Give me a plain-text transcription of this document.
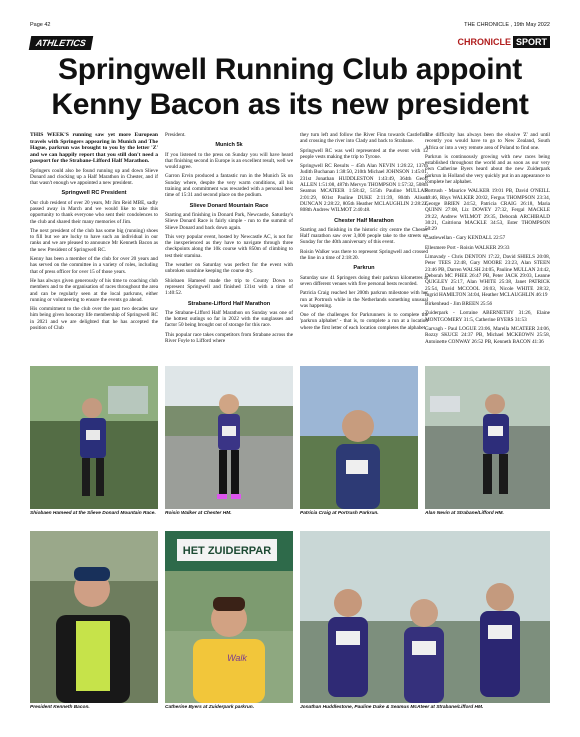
Page 42	THE CHRONICLE , 19th May 2022
ATHLETICS	CHRONICLE SPORT
Springwell Running Club appoint
Kenny Bacon as its new president

THIS WEEK'S running saw yet more European travels with Springers appearing in Munich and The Hague, parkrun was brought to you by the letter 'Z' and we can happily report that you still don't need a passport for the Strabane-Lifford Half Marathon.

Springers could also be found running up and down Slieve Donard and clocking up a Half Marathon in Chester, and if that wasn't enough we appointed a new president.

Springwell RC President

Our club resident of over 20 years, Mr Jim Reid MBE, sadly passed away in March and we would like to take this opportunity to thank everyone who sent their condolences to the club and shared their many memories of Jim.

The next president of the club has some big (running) shoes to fill but we are lucky to have such an individual in our ranks and we are pleased to announce Mr Kenneth Bacon as the new President of Springwell RC.

Kenny has been a member of the club for over 20 years and has served on the committee in a variety of roles, including that of press officer for over 15 of those years.

He has always given generously of his time to coaching club members and to the organisation of races throughout the area and can be regularly seen at the local parkruns, either running or volunteering to ensure the events go ahead.

His commitment to the club over the past two decades saw him being given honorary life membership of Springwell RC in 2021 and we are delighted that he has accepted the position of Club

President.

Munich 5k

If you listened to the press on Sunday you will have heard that finishing second in Europe is an excellent result, well we would agree.

Garron Ervin produced a fantastic run in the Munich 5k on Sunday where, despite the very warm conditions, all his training and commitment was rewarded with a personal best time of 15:31 and second place on the podium.

Slieve Donard Mountain Race

Starting and finishing in Donard Park, Newcastle, Saturday's Slieve Donard Race is fairly simple - run to the summit of Slieve Donard and back down again.

This very popular event, hosted by Newcastle AC, is not for the inexperienced as they have to navigate through three checkpoints along the 10k course with 850m of climbing to test their stamina.

The weather on Saturday was perfect for the event with unbroken sunshine keeping the course dry.

Shiobaen Hameed made the trip to County Down to represent Springwell and finished 131st with a time of 1:40:52.

Strabane-Lifford Half Marathon

The Strabane-Lifford Half Marathon on Sunday was one of the hottest outings so far in 2022 with the sunglasses and factor 50 being brought out of storage for this race.

This popular race takes competitors from Strabane across the River Foyle to Lifford where

they turn left and follow the River Finn towards Castlefinn and crossing the river into Clady and back to Strabane.

Springwell RC was well represented at the event with 12 people vests making the trip to Tyrone.

Springwell RC Results – 45th Alan NEVIN 1:26:22, 137th Judith Buchanan 1:38:50, 210th Michael JOHNSON 1:45:01, 231st Jonathan HUDDLESTON 1:43:49, 364th Geoff ALLEN 1:51:08, 487th Mervyn THOMPSON 1:57:32, 508th Seamus MCATEER 1:58:42, 515th Pauline MULLAN 2:01:29, 601st Pauline DUKE 2:11:39, 804th Alison DUNCAN 2:28:22, 805th Heather MCLAUGHLIN 2:28:22, 808th Andrew WILMOT 2:40:48.

Chester Half Marathon

Starting and finishing in the historic city centre the Chester Half marathon saw over 3,000 people take to the streets on Sunday for the 40th anniversary of this event.

Roisin Walker was there to represent Springwell and crossed the line in a time of 2:18:20.

Parkrun

Saturday saw 41 Springers doing their parkrun kilometres at seven different venues with five personal bests recorded.

Patricia Craig reached her 200th parkrun milestone with her run at Portrush while in the Netherlands something unusual was happening.

One of the challenges for Parkrunners is to complete the 'parkrun alphabet' - that is, to complete a run at a location where the first letter of each location completes the alphabet.

The difficulty has always been the elusive 'Z' and until recently you would have to go to New Zealand, South Africa or into a very remote area of Poland to find one.

Parkrun is continuously growing with new races being established throughout the world and as soon as our very own Catherine Byers heard about the new Zuiderpark parkrun in Holland she very quickly put in an appearance to complete her alphabet.

Portrush - Maurice WALKER 19:01 PB, David O'NEILL 19:46, Rhys WALKER 20:02, Fergus THOMPSON 23:34, George BRIEN 24:52, Patricia CRAIG 26:18, Maria QUINN 27:08, Liz DOWEY 27:32, Fergal MACKLE 29:22, Andrew WILMOT 29:35, Deborah ARCHIBALD 30:21, Caitriona MACKLE 34:53, Ester THOMPSON 50:29

Castlewellan - Gary KENDALL 22:57

Ellesmere Port - Roisin WALKER 29:33

Limavady - Chris DENTON 17:22, David SHIELS 20:08, Peter TEES 22:48, Gary MOORE 23:23, Alan STEEN 23:46 PB, Darren WALSH 24:05, Pauline MULLAN 24:42, Deborah MC PHEE 26:47 PB, Peter JACK 29:03, Leanne QUIGLEY 25:17, Alan WHITE 25:38, Janet PATRICK 25:54, David MCCOOL 26:03, Nicole WHITE 28:32, Ingrid HAMILTON 34:04, Heather MCLAUGHLIN 46:19

Birkenhead - Jim BREEN 25:56

Zuiderpark - Lorraine ABERNETHY 31:26, Elaine MONTGOMERY 31:5, Catherine BYERS 31:53

Garvagh - Paul LOGUE 23:06, Marella MCATEER 24:06, Rozzy SKUCE 24:37 PB, Michael MCKEOWN 25:58, Antoinette CONWAY 26:52 PB, Kenneth BACON 41:36

Shiobaen Hameed at the Slieve Donard Mountain Race.	Roisin Walker at Chester HM.	Patricia Craig at Portrush Parkrun.	Alan Nevin at Strabane/Lifford HM.
President Kenneth Bacon.
HET ZUIDERPAR
Walk
Catherine Byers at Zuiderpark parkrun.	Jonathan Huddlestone, Pauline Duke & Seamus McAteer at Strabane/Lifford HM.
